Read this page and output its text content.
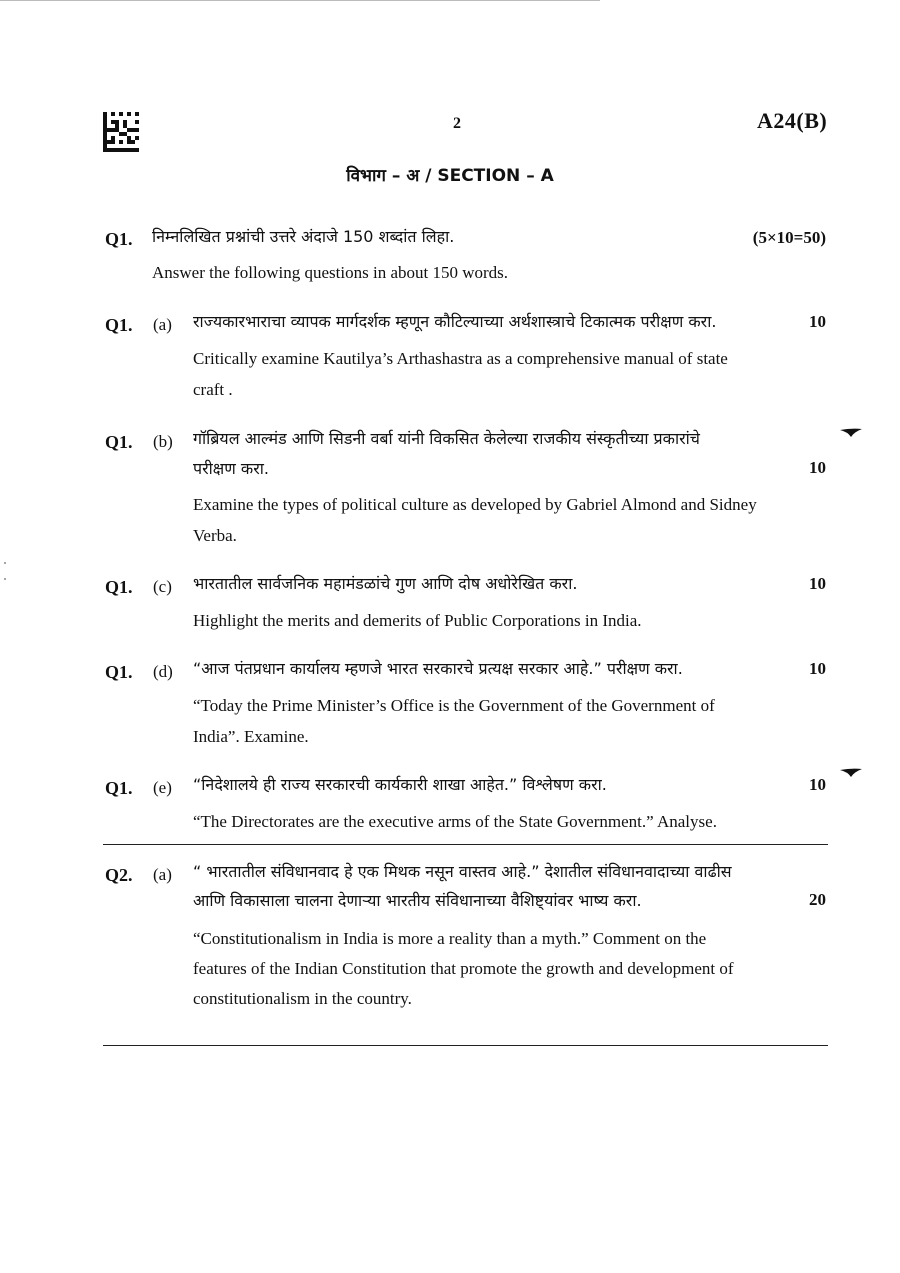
2	A24(B)
विभाग – अ / SECTION – A
Q1. निम्नलिखित प्रश्नांची उत्तरे अंदाजे 150 शब्दांत लिहा.	(5×10=50)
Answer the following questions in about 150 words.
Q1. (a) राज्यकारभाराचा व्यापक मार्गदर्शक म्हणून कौटिल्याच्या अर्थशास्त्राचे टिकात्मक परीक्षण करा.	10
Critically examine Kautilya’s Arthashastra as a comprehensive manual of state
craft .
Q1. (b) गॉब्रियल आल्मंड आणि सिडनी वर्बा यांनी विकसित केलेल्या राजकीय संस्कृतीच्या प्रकारांचे
परीक्षण करा.	10
Examine the types of political culture as developed by Gabriel Almond and Sidney
Verba.
Q1. (c) भारतातील सार्वजनिक महामंडळांचे गुण आणि दोष अधोरेखित करा.	10
Highlight the merits and demerits of Public Corporations in India.
Q1. (d) “आज पंतप्रधान कार्यालय म्हणजे भारत सरकारचे प्रत्यक्ष सरकार आहे.” परीक्षण करा.	10
“Today the Prime Minister’s Office is the Government of the Government of
India”. Examine.
Q1. (e) “निदेशालये ही राज्य सरकारची कार्यकारी शाखा आहेत.” विश्लेषण करा.	10
“The Directorates are the executive arms of the State Government.” Analyse.
Q2. (a) “ भारतातील संविधानवाद हे एक मिथक नसून वास्तव आहे.” देशातील संविधानवादाच्या वाढीस
आणि विकासाला चालना देणाऱ्या भारतीय संविधानाच्या वैशिष्ट्यांवर भाष्य करा.	20
“Constitutionalism in India is more a reality than a myth.” Comment on the
features of the Indian Constitution that promote the growth and development of
constitutionalism in the country.
